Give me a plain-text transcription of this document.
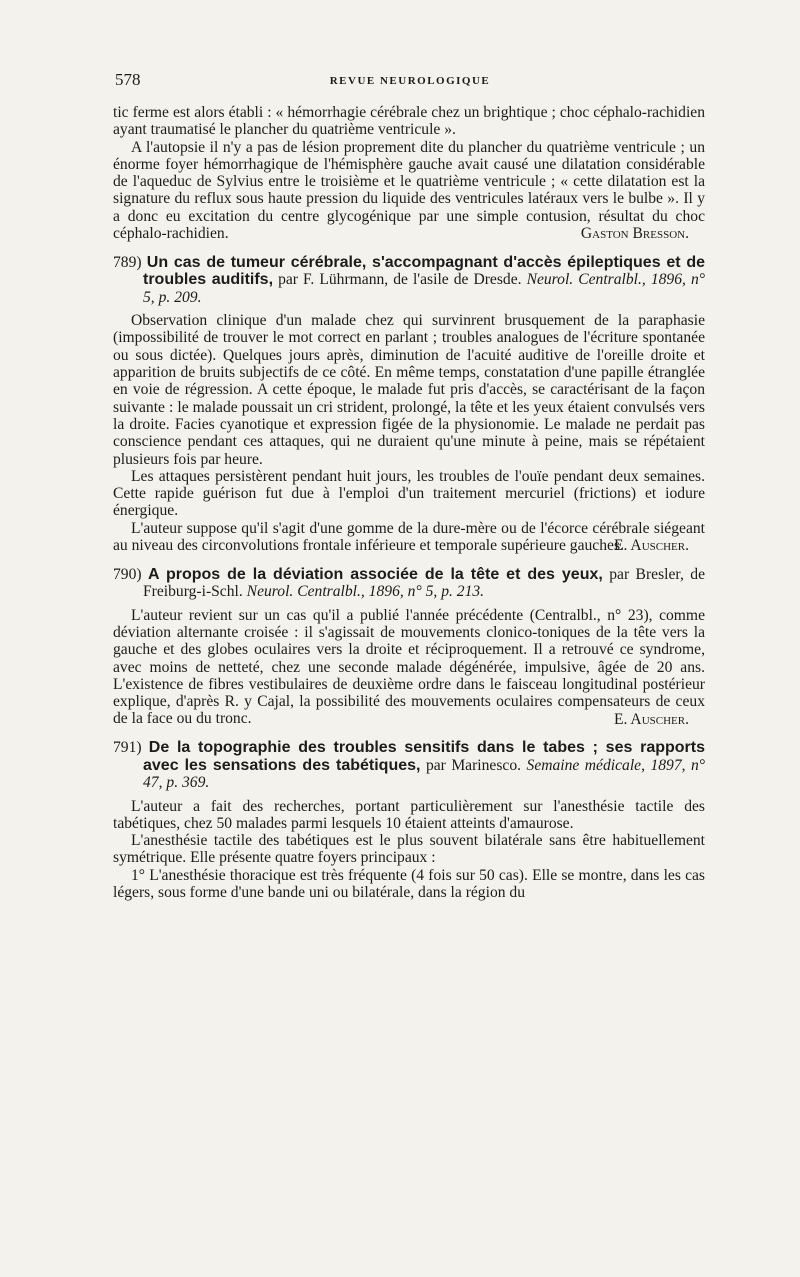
578	REVUE NEUROLOGIQUE

tic ferme est alors établi : « hémorrhagie cérébrale chez un brightique ; choc céphalo-rachidien ayant traumatisé le plancher du quatrième ventricule ».

A l'autopsie il n'y a pas de lésion proprement dite du plancher du quatrième ventricule ; un énorme foyer hémorrhagique de l'hémisphère gauche avait causé une dilatation considérable de l'aqueduc de Sylvius entre le troisième et le quatrième ventricule ; « cette dilatation est la signature du reflux sous haute pression du liquide des ventricules latéraux vers le bulbe ». Il y a donc eu excitation du centre glycogénique par une simple contusion, résultat du choc céphalo-rachidien.	Gaston Bresson.

789) Un cas de tumeur cérébrale, s'accompagnant d'accès épileptiques et de troubles auditifs, par F. Lührmann, de l'asile de Dresde. Neurol. Centralbl., 1896, n° 5, p. 209.

Observation clinique d'un malade chez qui survinrent brusquement de la paraphasie (impossibilité de trouver le mot correct en parlant ; troubles analogues de l'écriture spontanée ou sous dictée). Quelques jours après, diminution de l'acuité auditive de l'oreille droite et apparition de bruits subjectifs de ce côté. En même temps, constatation d'une papille étranglée en voie de régression. A cette époque, le malade fut pris d'accès, se caractérisant de la façon suivante : le malade poussait un cri strident, prolongé, la tête et les yeux étaient convulsés vers la droite. Facies cyanotique et expression figée de la physionomie. Le malade ne perdait pas conscience pendant ces attaques, qui ne duraient qu'une minute à peine, mais se répétaient plusieurs fois par heure.

Les attaques persistèrent pendant huit jours, les troubles de l'ouïe pendant deux semaines. Cette rapide guérison fut due à l'emploi d'un traitement mercuriel (frictions) et iodure énergique.

L'auteur suppose qu'il s'agit d'une gomme de la dure-mère ou de l'écorce cérébrale siégeant au niveau des circonvolutions frontale inférieure et temporale supérieure gauches.

E. Auscher.

790) A propos de la déviation associée de la tête et des yeux, par Bresler, de Freiburg-i-Schl. Neurol. Centralbl., 1896, n° 5, p. 213.

L'auteur revient sur un cas qu'il a publié l'année précédente (Centralbl., n° 23), comme déviation alternante croisée : il s'agissait de mouvements clonico-toniques de la tête vers la gauche et des globes oculaires vers la droite et réciproquement. Il a retrouvé ce syndrome, avec moins de netteté, chez une seconde malade dégénérée, impulsive, âgée de 20 ans. L'existence de fibres vestibulaires de deuxième ordre dans le faisceau longitudinal postérieur explique, d'après R. y Cajal, la possibilité des mouvements oculaires compensateurs de ceux de la face ou du tronc.	E. Auscher.

791) De la topographie des troubles sensitifs dans le tabes ; ses rapports avec les sensations des tabétiques, par Marinesco. Semaine médicale, 1897, n° 47, p. 369.

L'auteur a fait des recherches, portant particulièrement sur l'anesthésie tactile des tabétiques, chez 50 malades parmi lesquels 10 étaient atteints d'amaurose.

L'anesthésie tactile des tabétiques est le plus souvent bilatérale sans être habituellement symétrique. Elle présente quatre foyers principaux :

1° L'anesthésie thoracique est très fréquente (4 fois sur 50 cas). Elle se montre, dans les cas légers, sous forme d'une bande uni ou bilatérale, dans la région du
